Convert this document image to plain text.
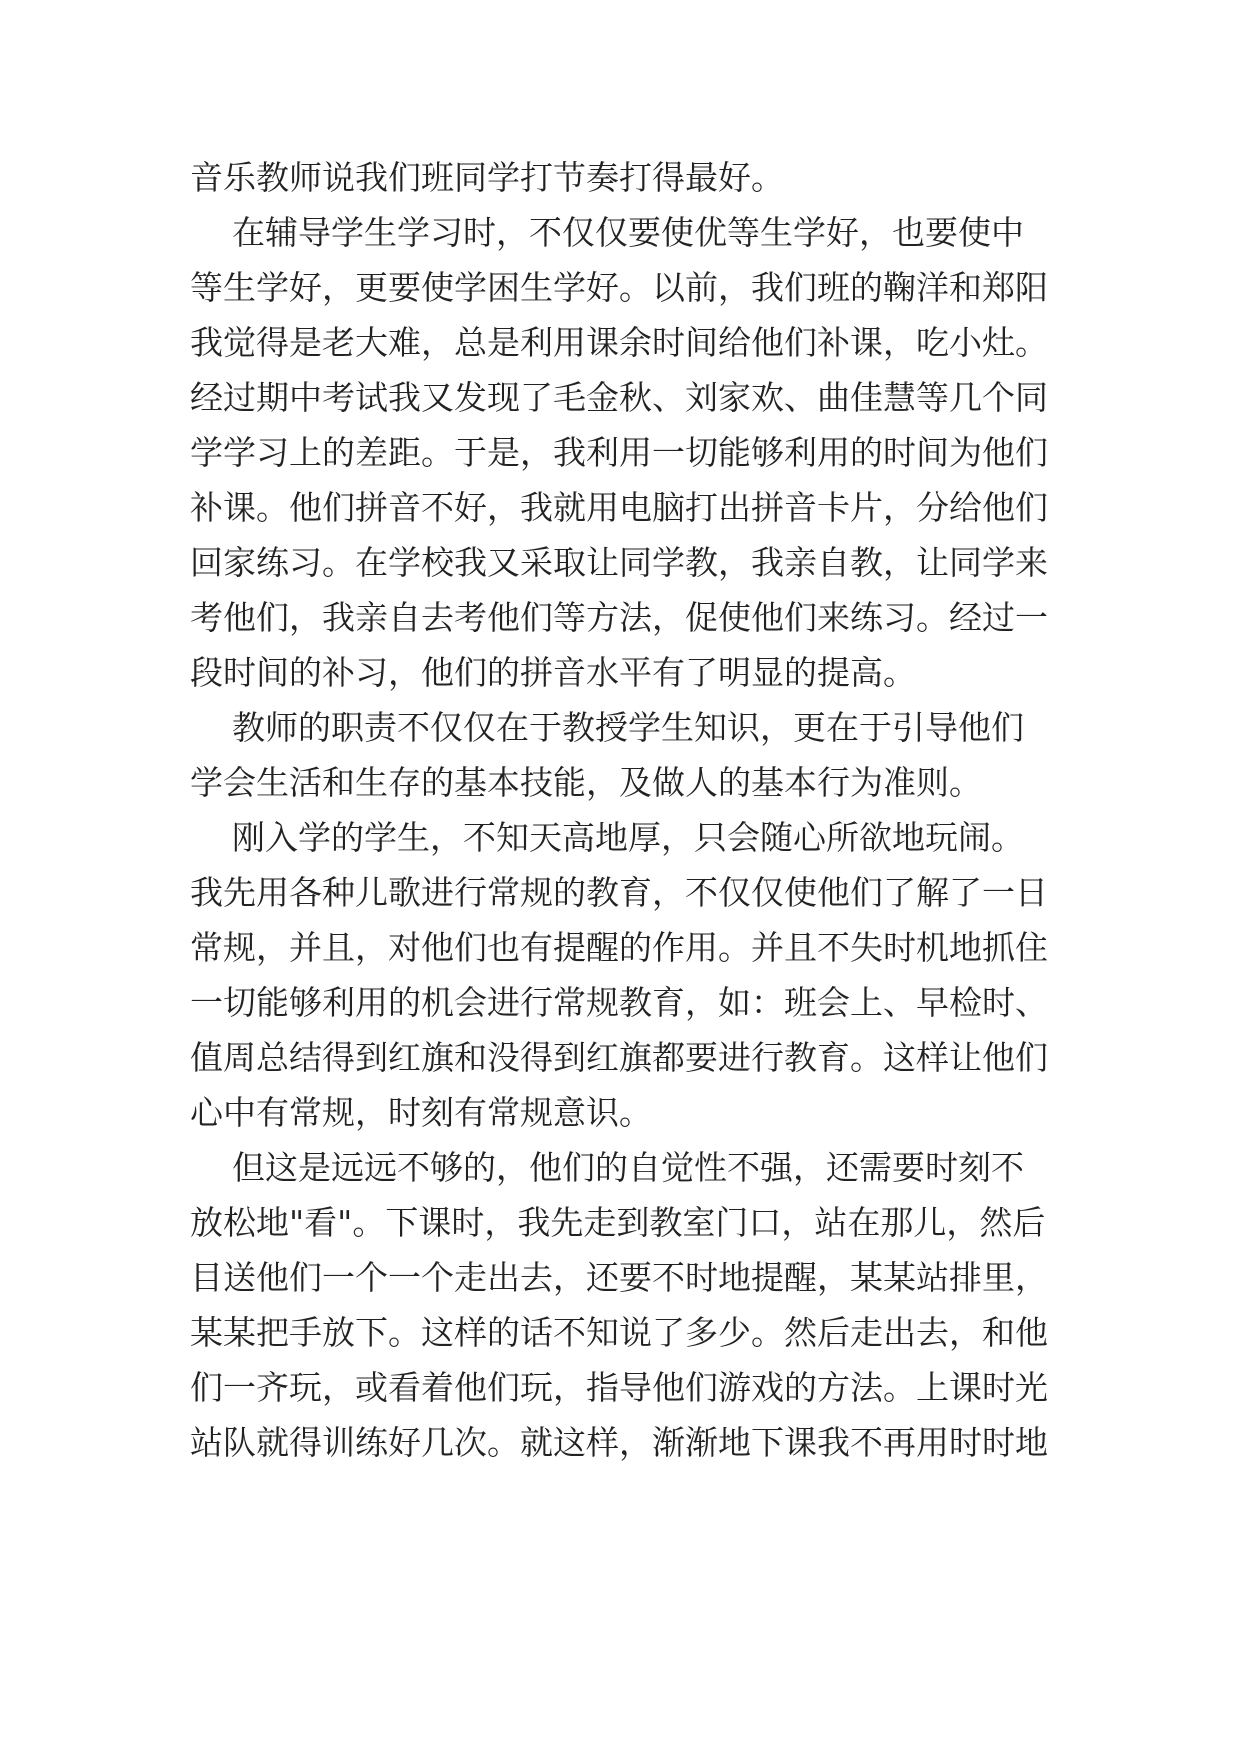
音乐教师说我们班同学打节奏打得最好。
在辅导学生学习时，不仅仅要使优等生学好，也要使中
等生学好，更要使学困生学好。以前，我们班的鞠洋和郑阳
我觉得是老大难，总是利用课余时间给他们补课，吃小灶。
经过期中考试我又发现了毛金秋、刘家欢、曲佳慧等几个同
学学习上的差距。于是，我利用一切能够利用的时间为他们
补课。他们拼音不好，我就用电脑打出拼音卡片，分给他们
回家练习。在学校我又采取让同学教，我亲自教，让同学来
考他们，我亲自去考他们等方法，促使他们来练习。经过一
段时间的补习，他们的拼音水平有了明显的提高。
教师的职责不仅仅在于教授学生知识，更在于引导他们
学会生活和生存的基本技能，及做人的基本行为准则。
刚入学的学生，不知天高地厚，只会随心所欲地玩闹。
我先用各种儿歌进行常规的教育，不仅仅使他们了解了一日
常规，并且，对他们也有提醒的作用。并且不失时机地抓住
一切能够利用的机会进行常规教育，如：班会上、早检时、
值周总结得到红旗和没得到红旗都要进行教育。这样让他们
心中有常规，时刻有常规意识。
但这是远远不够的，他们的自觉性不强，还需要时刻不
放松地"看"。下课时，我先走到教室门口，站在那儿，然后
目送他们一个一个走出去，还要不时地提醒，某某站排里，
某某把手放下。这样的话不知说了多少。然后走出去，和他
们一齐玩，或看着他们玩，指导他们游戏的方法。上课时光
站队就得训练好几次。就这样，渐渐地下课我不再用时时地
